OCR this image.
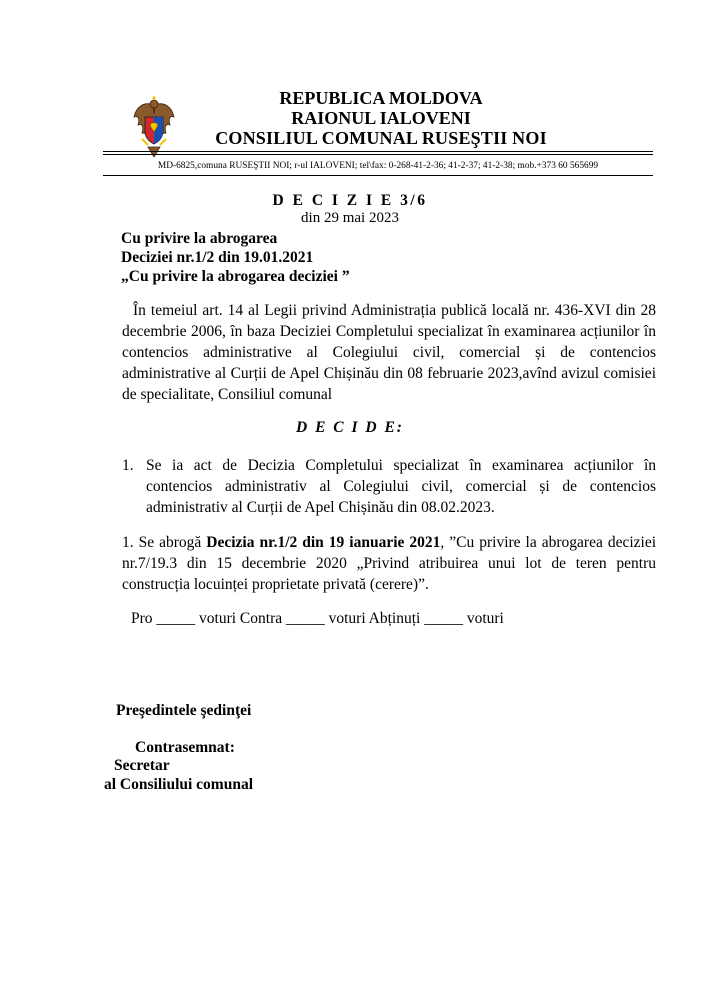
REPUBLICA MOLDOVA
RAIONUL IALOVENI
CONSILIUL COMUNAL RUSEŞTII NOI
MD-6825,comuna RUSEŞTII NOI; r-ul IALOVENI; tel\fax: 0-268-41-2-36; 41-2-37; 41-2-38; mob.+373 60 565699
D E C I Z I E 3/6
din 29 mai 2023
Cu privire la abrogarea
Deciziei nr.1/2 din 19.01.2021
„Cu privire la abrogarea deciziei ”

În temeiul art. 14 al Legii privind Administrația publică locală nr. 436-XVI din 28 decembrie 2006, în baza Deciziei Completului specializat în examinarea acțiunilor în contencios administrative al Colegiului civil, comercial și de contencios administrative al Curții de Apel Chișinău din 08 februarie 2023,avînd avizul comisiei de specialitate, Consiliul comunal

D E C I D E:
1. Se ia act de Decizia Completului specializat în examinarea acțiunilor în contencios administrativ al Colegiului civil, comercial și de contencios administrativ al Curții de Apel Chișinău din 08.02.2023.
1. Se abrogă Decizia nr.1/2 din 19 ianuarie 2021, ”Cu privire la abrogarea deciziei nr.7/19.3 din 15 decembrie 2020 „Privind atribuirea unui lot de teren pentru construcția locuinței proprietate privată (cerere)”.
Pro _____ voturi Contra _____ voturi Abținuți _____ voturi
Preşedintele şedinţei
Contrasemnat:
Secretar
al Consiliului comunal
